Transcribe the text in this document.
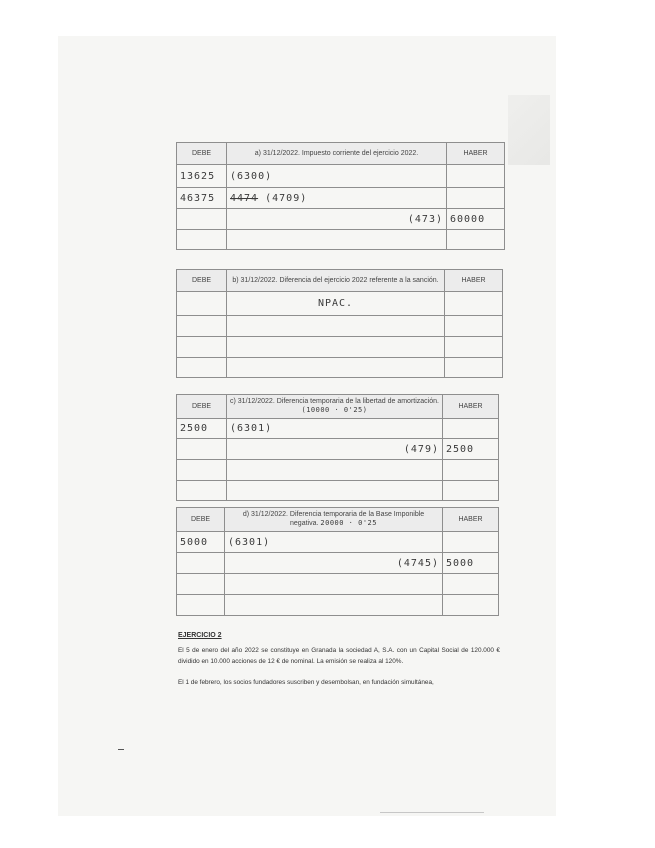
DEBE	a) 31/12/2022. Impuesto corriente del ejercicio 2022.	HABER
13625	(6300)	
46375	4474 (4709)	
	(473)	60000

DEBE	b) 31/12/2022. Diferencia del ejercicio 2022 referente a la sanción.	HABER
	NPAC.	

DEBE	c) 31/12/2022. Diferencia temporaria de la libertad de amortización. (10000 · 0'25)	HABER
2500	(6301)	
	(479)	2500

DEBE	d) 31/12/2022. Diferencia temporaria de la Base Imponible negativa. 20000 · 0'25	HABER
5000	(6301)	
	(4745)	5000

EJERCICIO 2
El 5 de enero del año 2022 se constituye en Granada la sociedad A, S.A. con un Capital Social de 120.000 € dividido en 10.000 acciones de 12 € de nominal. La emisión se realiza al 120%.
El 1 de febrero, los socios fundadores suscriben y desembolsan, en fundación simultánea,
